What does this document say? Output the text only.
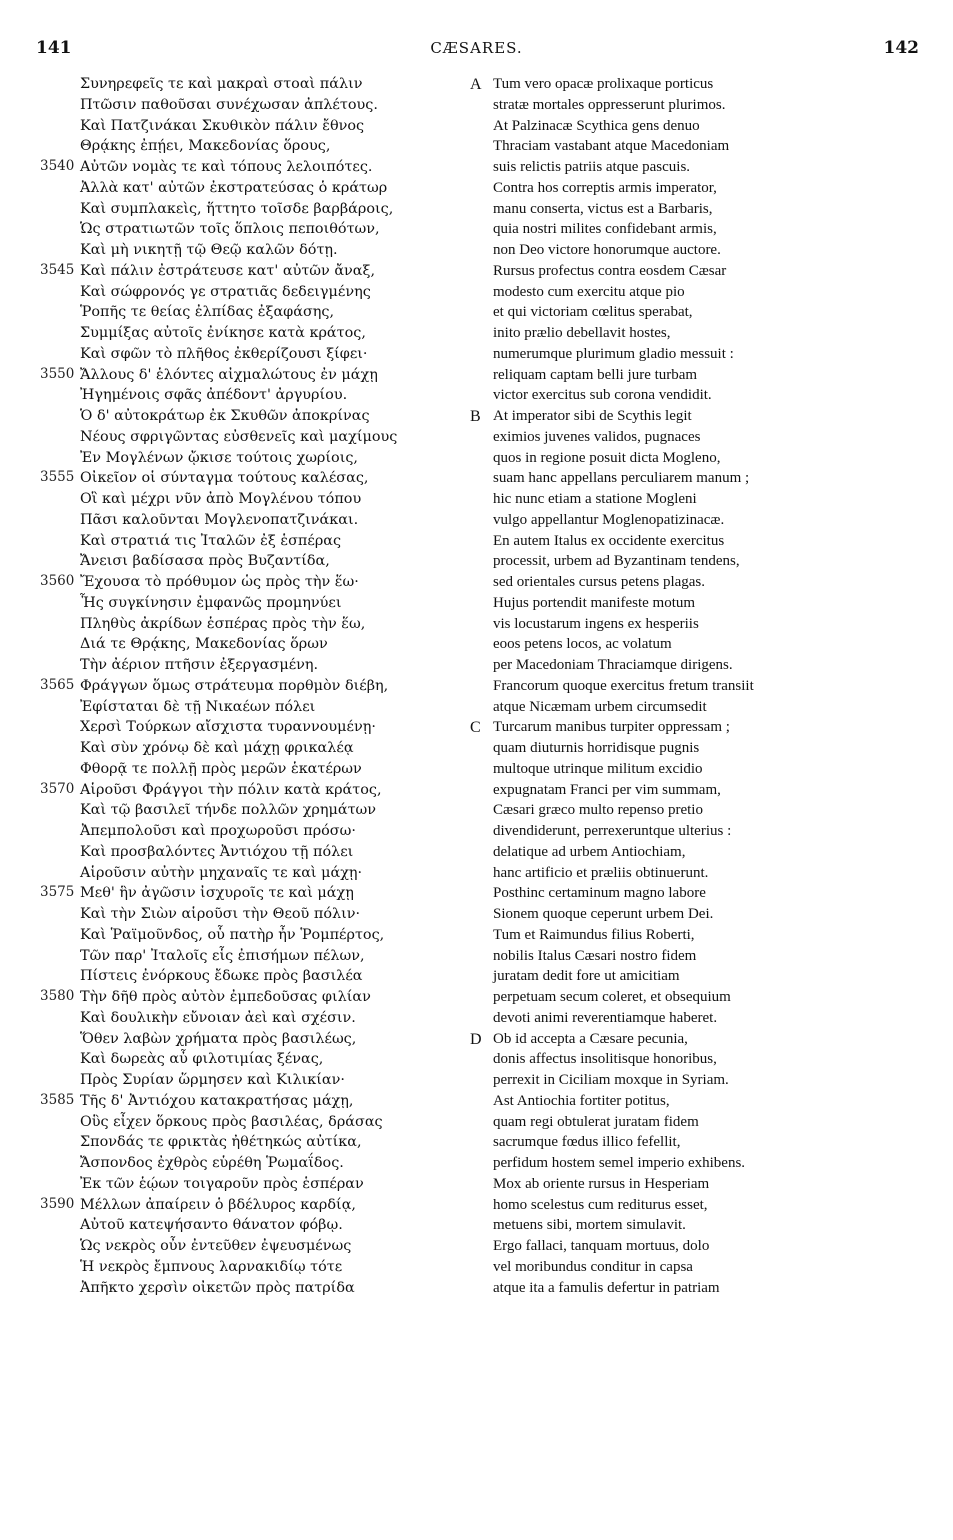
141	CÆSARES.	142
3540
3545
3550
3555
3560
3565
3570
3575
3580
3585
3590
Συνηρεφεῖς τε καὶ μακραὶ στοαὶ πάλιν
Πτῶσιν παθοῦσαι συνέχωσαν ἀπλέτους.
Καὶ Πατζινάκαι Σκυθικὸν πάλιν ἔθνος
Θρᾴκης ἐπῄει, Μακεδονίας ὅρους,
Αὐτῶν νομὰς τε καὶ τόπους λελοιπότες.
Ἀλλὰ κατ' αὐτῶν ἐκστρατεύσας ὁ κράτωρ
Καὶ συμπλακεὶς, ἥττητο τοῖσδε βαρβάροις,
Ὡς στρατιωτῶν τοῖς ὅπλοις πεποιθότων,
Καὶ μὴ νικητῇ τῷ Θεῷ καλῶν δότῃ.
Καὶ πάλιν ἐστράτευσε κατ' αὐτῶν ἄναξ,
Καὶ σώφρονός γε στρατιᾶς δεδειγμένης
Ῥοπῆς τε θείας ἐλπίδας ἐξαφάσης,
Συμμίξας αὐτοῖς ἐνίκησε κατὰ κράτος,
Καὶ σφῶν τὸ πλῆθος ἐκθερίζουσι ξίφει·
Ἄλλους δ' ἑλόντες αἰχμαλώτους ἐν μάχῃ
Ἠγημένοις σφᾶς ἀπέδοντ' ἀργυρίου.
Ὁ δ' αὐτοκράτωρ ἐκ Σκυθῶν ἀποκρίνας
Νέους σφριγῶντας εὐσθενεῖς καὶ μαχίμους
Ἐν Μογλένων ᾤκισε τούτοις χωρίοις,
Οἰκεῖον οἱ σύνταγμα τούτους καλέσας,
Οἳ καὶ μέχρι νῦν ἀπὸ Μογλένου τόπου
Πᾶσι καλοῦνται Μογλενοπατζινάκαι.
Καὶ στρατιά τις Ἰταλῶν ἐξ ἑσπέρας
Ἄνεισι βαδίσασα πρὸς Βυζαντίδα,
Ἔχουσα τὸ πρόθυμον ὡς πρὸς τὴν ἕω·
Ἧς συγκίνησιν ἐμφανῶς προμηνύει
Πληθὺς ἀκρίδων ἑσπέρας πρὸς τὴν ἕω,
Διά τε Θρᾴκης, Μακεδονίας ὅρων
Τὴν ἀέριον πτῆσιν ἐξεργασμένη.
Φράγγων ὅμως στράτευμα πορθμὸν διέβη,
Ἐφίσταται δὲ τῇ Νικαέων πόλει
Χερσὶ Τούρκων αἴσχιστα τυραννουμένῃ·
Καὶ σὺν χρόνῳ δὲ καὶ μάχῃ φρικαλέᾳ
Φθορᾷ τε πολλῇ πρὸς μερῶν ἑκατέρων
Αἱροῦσι Φράγγοι τὴν πόλιν κατὰ κράτος,
Καὶ τῷ βασιλεῖ τήνδε πολλῶν χρημάτων
Ἀπεμπολοῦσι καὶ προχωροῦσι πρόσω·
Καὶ προσβαλόντες Ἀντιόχου τῇ πόλει
Αἱροῦσιν αὐτὴν μηχαναῖς τε καὶ μάχῃ·
Μεθ' ἣν ἀγῶσιν ἰσχυροῖς τε καὶ μάχῃ
Καὶ τὴν Σιὼν αἱροῦσι τὴν Θεοῦ πόλιν·
Καὶ Ῥαϊμοῦνδος, οὗ πατὴρ ἦν Ῥομπέρτος,
Τῶν παρ' Ἰταλοῖς εἷς ἐπισήμων πέλων,
Πίστεις ἐνόρκους ἔδωκε πρὸς βασιλέα
Τὴν δῆθ πρὸς αὐτὸν ἐμπεδοῦσας φιλίαν
Καὶ δουλικὴν εὔνοιαν ἀεὶ καὶ σχέσιν.
Ὅθεν λαβὼν χρήματα πρὸς βασιλέως,
Καὶ δωρεὰς αὖ φιλοτιμίας ξένας,
Πρὸς Συρίαν ὥρμησεν καὶ Κιλικίαν·
Τῆς δ' Ἀντιόχου κατακρατήσας μάχῃ,
Οὓς εἶχεν ὅρκους πρὸς βασιλέας, δράσας
Σπονδάς τε φρικτὰς ἠθέτηκώς αὐτίκα,
Ἄσπονδος ἐχθρὸς εὑρέθη Ῥωμαΐδος.
Ἐκ τῶν ἑῴων τοιγαροῦν πρὸς ἑσπέραν
Μέλλων ἀπαίρειν ὁ βδέλυρος καρδίᾳ,
Αὐτοῦ κατεψήσαντο θάνατον φόβῳ.
Ὡς νεκρὸς οὖν ἐντεῦθεν ἐψευσμένως
Ἡ νεκρὸς ἔμπνους λαρνακιδίῳ τότε
Ἀπῆκτο χερσὶν οἰκετῶν πρὸς πατρίδα
A
B
C
D
Tum vero opacæ prolixaque porticus
stratæ mortales oppresserunt plurimos.
At Palzinacæ Scythica gens denuo
Thraciam vastabant atque Macedoniam
suis relictis patriis atque pascuis.
Contra hos correptis armis imperator,
manu conserta, victus est a Barbaris,
quia nostri milites confidebant armis,
non Deo victore honorumque auctore.
Rursus profectus contra eosdem Cæsar
modesto cum exercitu atque pio
et qui victoriam cœlitus sperabat,
inito prælio debellavit hostes,
numerumque plurimum gladio messuit :
reliquam captam belli jure turbam
victor exercitus sub corona vendidit.
At imperator sibi de Scythis legit
eximios juvenes validos, pugnaces
quos in regione posuit dicta Mogleno,
suam hanc appellans perculiarem manum ;
hic nunc etiam a statione Mogleni
vulgo appellantur Moglenopatizinacæ.
En autem Italus ex occidente exercitus
processit, urbem ad Byzantinam tendens,
sed orientales cursus petens plagas.
Hujus portendit manifeste motum
vis locustarum ingens ex hesperiis
eoos petens locos, ac volatum
per Macedoniam Thraciamque dirigens.
Francorum quoque exercitus fretum transiit
atque Nicæmam urbem circumsedit
Turcarum manibus turpiter oppressam ;
quam diuturnis horridisque pugnis
multoque utrinque militum excidio
expugnatam Franci per vim summam,
Cæsari græco multo repenso pretio
divendiderunt, perrexeruntque ulterius :
delatique ad urbem Antiochiam,
hanc artificio et præliis obtinuerunt.
Posthinc certaminum magno labore
Sionem quoque ceperunt urbem Dei.
Tum et Raimundus filius Roberti,
nobilis Italus Cæsari nostro fidem
juratam dedit fore ut amicitiam
perpetuam secum coleret, et obsequium
devoti animi reverentiamque haberet.
Ob id accepta a Cæsare pecunia,
donis affectus insolitisque honoribus,
perrexit in Ciciliam moxque in Syriam.
Ast Antiochia fortiter potitus,
quam regi obtulerat juratam fidem
sacrumque fœdus illico fefellit,
perfidum hostem semel imperio exhibens.
Mox ab oriente rursus in Hesperiam
homo scelestus cum rediturus esset,
metuens sibi, mortem simulavit.
Ergo fallaci, tanquam mortuus, dolo
vel moribundus conditur in capsa
atque ita a famulis defertur in patriam
